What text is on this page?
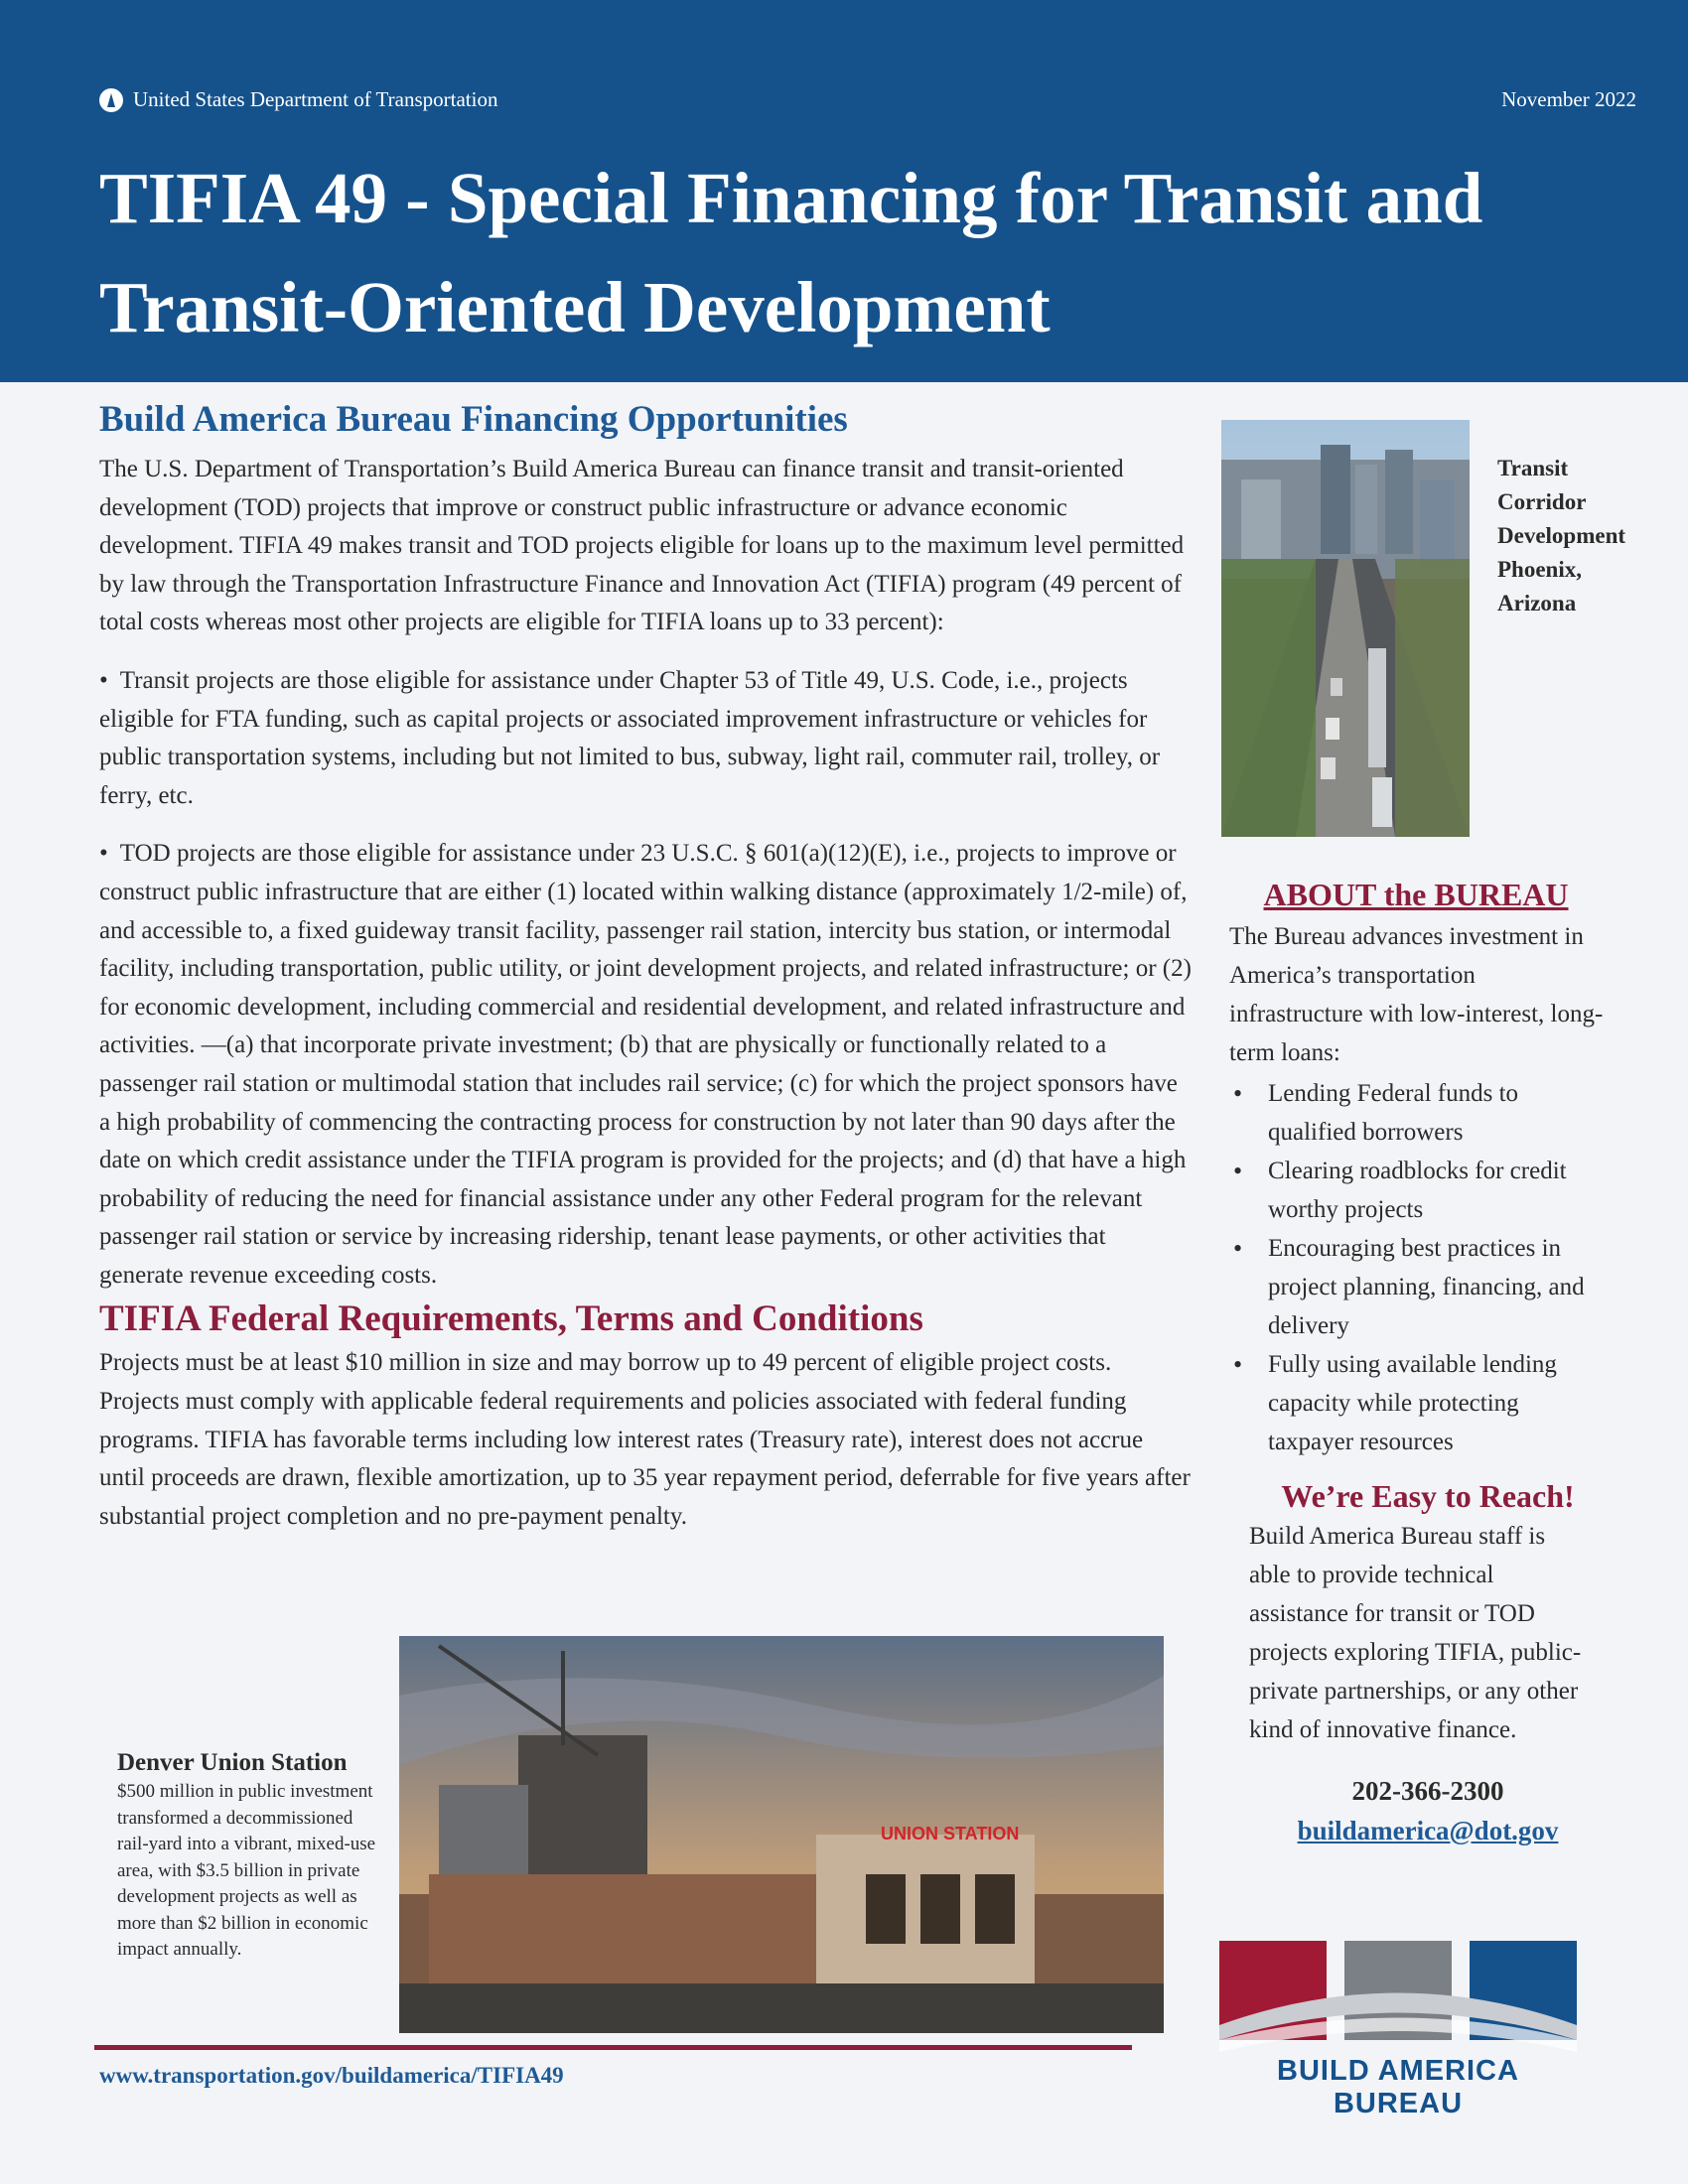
United States Department of Transportation	November 2022
TIFIA 49 - Special Financing for Transit and
Transit-Oriented Development
Build America Bureau Financing Opportunities

The U.S. Department of Transportation’s Build America Bureau can finance transit and transit-oriented development (TOD) projects that improve or construct public infrastructure or advance economic development. TIFIA 49 makes transit and TOD projects eligible for loans up to the maximum level permitted by law through the Transportation Infrastructure Finance and Innovation Act (TIFIA) program (49 percent of total costs whereas most other projects are eligible for TIFIA loans up to 33 percent):

• Transit projects are those eligible for assistance under Chapter 53 of Title 49, U.S. Code, i.e., projects eligible for FTA funding, such as capital projects or associated improvement infrastructure or vehicles for public transportation systems, including but not limited to bus, subway, light rail, commuter rail, trolley, or ferry, etc.

• TOD projects are those eligible for assistance under 23 U.S.C. § 601(a)(12)(E), i.e., projects to improve or construct public infrastructure that are either (1) located within walking distance (approximately 1/2-mile) of, and accessible to, a fixed guideway transit facility, passenger rail station, intercity bus station, or intermodal facility, including transportation, public utility, or joint development projects, and related infrastructure; or (2) for economic development, including commercial and residential development, and related infrastructure and activities. —(a) that incorporate private investment; (b) that are physically or functionally related to a passenger rail station or multimodal station that includes rail service; (c) for which the project sponsors have a high probability of commencing the contracting process for construction by not later than 90 days after the date on which credit assistance under the TIFIA program is provided for the projects; and (d) that have a high probability of reducing the need for financial assistance under any other Federal program for the relevant passenger rail station or service by increasing ridership, tenant lease payments, or other activities that generate revenue exceeding costs.

TIFIA Federal Requirements, Terms and Conditions

Projects must be at least $10 million in size and may borrow up to 49 percent of eligible project costs. Projects must comply with applicable federal requirements and policies associated with federal funding programs. TIFIA has favorable terms including low interest rates (Treasury rate), interest does not accrue until proceeds are drawn, flexible amortization, up to 35 year repayment period, deferrable for five years after substantial project completion and no pre-payment penalty.

Transit
Corridor
Development
Phoenix,
Arizona
Denver Union Station
$500 million in public investment transformed a decommissioned rail-yard into a vibrant, mixed-use area, with $3.5 billion in private development projects as well as more than $2 billion in economic impact annually.
UNION STATION
www.transportation.gov/buildamerica/TIFIA49
ABOUT the BUREAU
The Bureau advances investment in America’s transportation infrastructure with low-interest, long-term loans:
• Lending Federal funds to qualified borrowers
• Clearing roadblocks for credit worthy projects
• Encouraging best practices in project planning, financing, and delivery
• Fully using available lending capacity while protecting taxpayer resources
We’re Easy to Reach!
Build America Bureau staff is able to provide technical assistance for transit or TOD projects exploring TIFIA, public-private partnerships, or any other kind of innovative finance.
202-366-2300
buildamerica@dot.gov
BUILD AMERICA BUREAU
